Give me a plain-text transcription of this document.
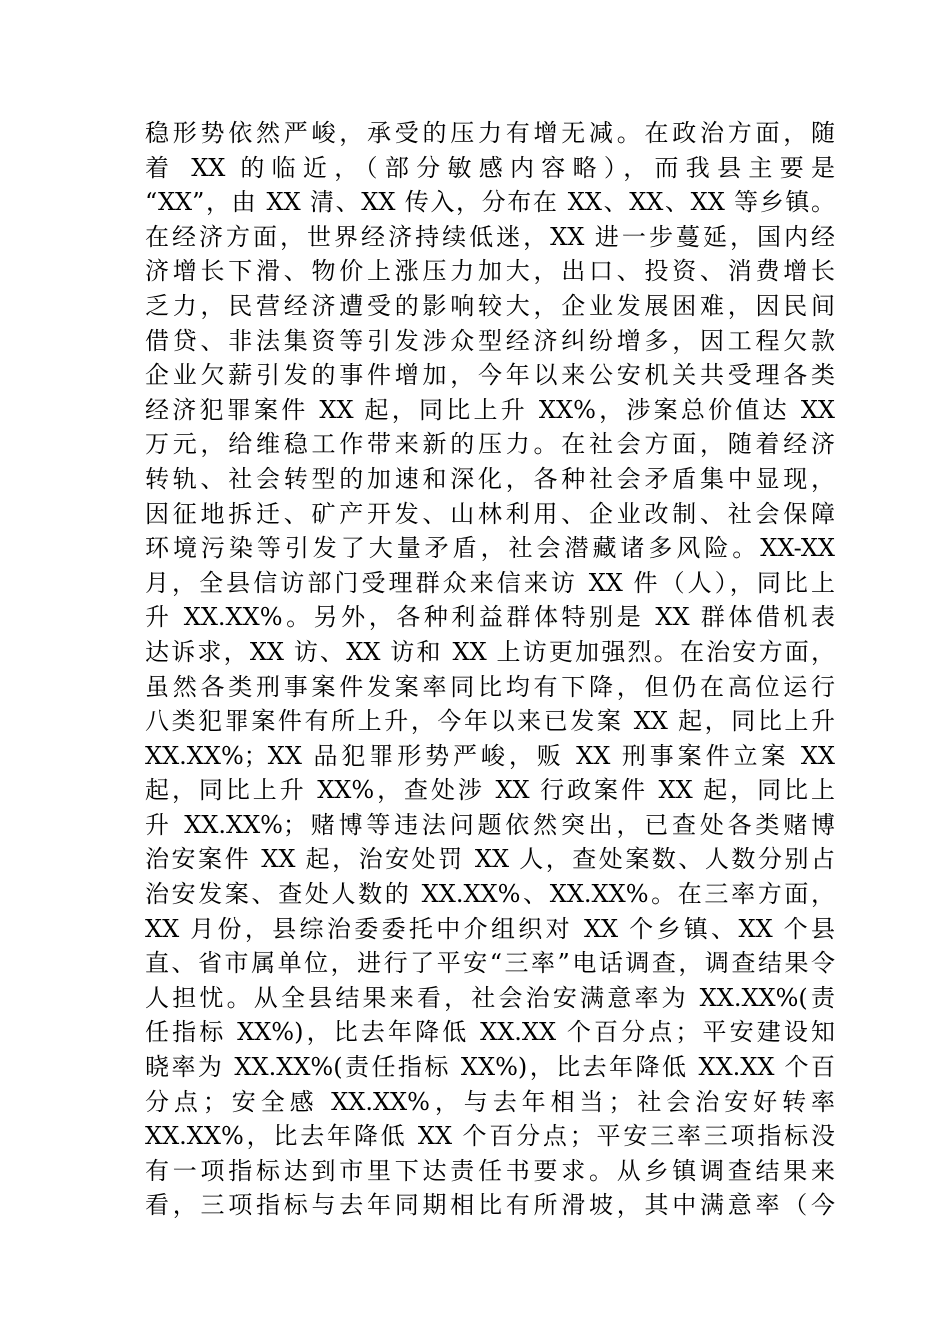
稳形势依然严峻，承受的压力有增无减。在政治方面，随
着 XX 的临近，（部分敏感内容略），而我县主要是
“XX”，由 XX 清、XX 传入，分布在 XX、XX、XX 等乡镇。
在经济方面，世界经济持续低迷，XX 进一步蔓延，国内经
济增长下滑、物价上涨压力加大，出口、投资、消费增长
乏力，民营经济遭受的影响较大，企业发展困难，因民间
借贷、非法集资等引发涉众型经济纠纷增多，因工程欠款
企业欠薪引发的事件增加，今年以来公安机关共受理各类
经济犯罪案件 XX 起，同比上升 XX%，涉案总价值达 XX
万元，给维稳工作带来新的压力。在社会方面，随着经济
转轨、社会转型的加速和深化，各种社会矛盾集中显现，
因征地拆迁、矿产开发、山林利用、企业改制、社会保障
环境污染等引发了大量矛盾，社会潜藏诸多风险。XX-XX
月，全县信访部门受理群众来信来访 XX 件（人），同比上
升 XX.XX%。另外，各种利益群体特别是 XX 群体借机表
达诉求，XX 访、XX 访和 XX 上访更加强烈。在治安方面，
虽然各类刑事案件发案率同比均有下降，但仍在高位运行
八类犯罪案件有所上升，今年以来已发案 XX 起，同比上升
XX.XX%；XX 品犯罪形势严峻，贩 XX 刑事案件立案 XX
起，同比上升 XX%，查处涉 XX 行政案件 XX 起，同比上
升 XX.XX%；赌博等违法问题依然突出，已查处各类赌博
治安案件 XX 起，治安处罚 XX 人，查处案数、人数分别占
治安发案、查处人数的 XX.XX%、XX.XX%。在三率方面，
XX 月份，县综治委委托中介组织对 XX 个乡镇、XX 个县
直、省市属单位，进行了平安“三率”电话调查，调查结果令
人担忧。从全县结果来看，社会治安满意率为 XX.XX%(责
任指标 XX%)，比去年降低 XX.XX 个百分点；平安建设知
晓率为 XX.XX%(责任指标 XX%)，比去年降低 XX.XX 个百
分点；安全感 XX.XX%，与去年相当；社会治安好转率
XX.XX%，比去年降低 XX 个百分点；平安三率三项指标没
有一项指标达到市里下达责任书要求。从乡镇调查结果来
看，三项指标与去年同期相比有所滑坡，其中满意率（今
